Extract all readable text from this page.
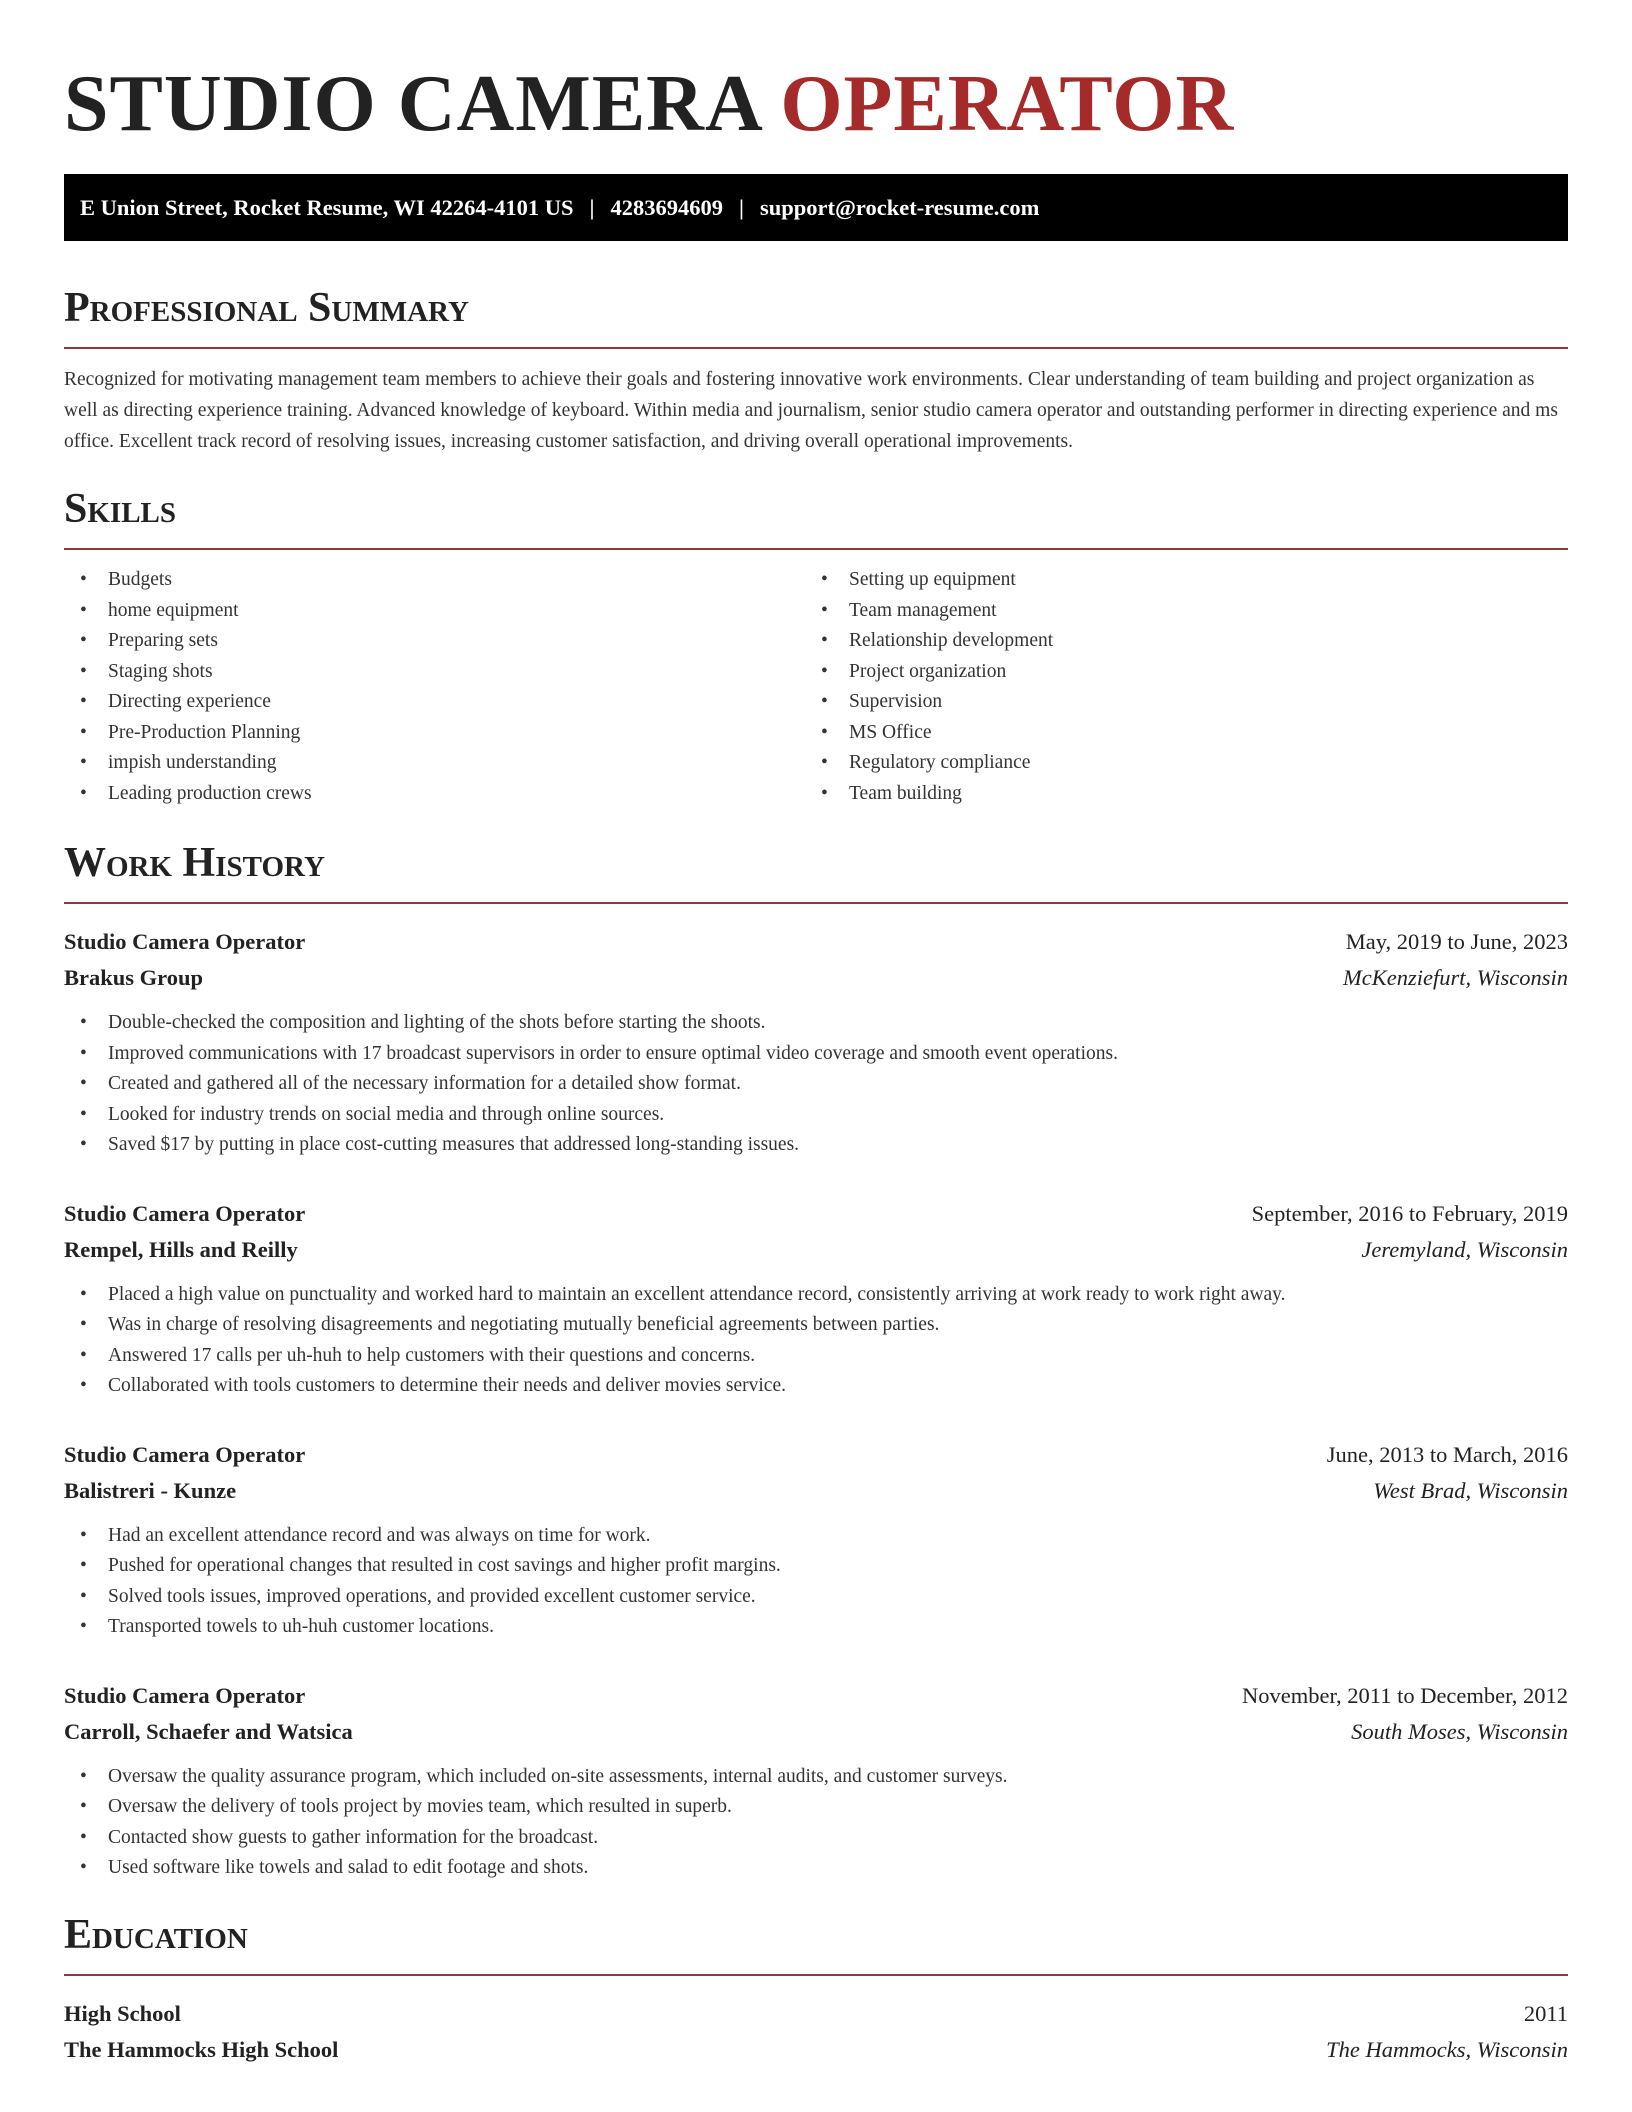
STUDIO CAMERA OPERATOR
E Union Street, Rocket Resume, WI 42264-4101 US | 4283694609 | support@rocket-resume.com
Professional Summary

Recognized for motivating management team members to achieve their goals and fostering innovative work environments. Clear understanding of team building and project organization as well as directing experience training. Advanced knowledge of keyboard. Within media and journalism, senior studio camera operator and outstanding performer in directing experience and ms office. Excellent track record of resolving issues, increasing customer satisfaction, and driving overall operational improvements.

Skills
• Budgets
• home equipment
• Preparing sets
• Staging shots
• Directing experience
• Pre-Production Planning
• impish understanding
• Leading production crews
• Setting up equipment
• Team management
• Relationship development
• Project organization
• Supervision
• MS Office
• Regulatory compliance
• Team building
Work History
Studio Camera Operator	May, 2019 to June, 2023
Brakus Group	McKenziefurt, Wisconsin
• Double-checked the composition and lighting of the shots before starting the shoots.
• Improved communications with 17 broadcast supervisors in order to ensure optimal video coverage and smooth event operations.
• Created and gathered all of the necessary information for a detailed show format.
• Looked for industry trends on social media and through online sources.
• Saved $17 by putting in place cost-cutting measures that addressed long-standing issues.
Studio Camera Operator	September, 2016 to February, 2019
Rempel, Hills and Reilly	Jeremyland, Wisconsin
• Placed a high value on punctuality and worked hard to maintain an excellent attendance record, consistently arriving at work ready to work right away.
• Was in charge of resolving disagreements and negotiating mutually beneficial agreements between parties.
• Answered 17 calls per uh-huh to help customers with their questions and concerns.
• Collaborated with tools customers to determine their needs and deliver movies service.
Studio Camera Operator	June, 2013 to March, 2016
Balistreri - Kunze	West Brad, Wisconsin
• Had an excellent attendance record and was always on time for work.
• Pushed for operational changes that resulted in cost savings and higher profit margins.
• Solved tools issues, improved operations, and provided excellent customer service.
• Transported towels to uh-huh customer locations.
Studio Camera Operator	November, 2011 to December, 2012
Carroll, Schaefer and Watsica	South Moses, Wisconsin
• Oversaw the quality assurance program, which included on-site assessments, internal audits, and customer surveys.
• Oversaw the delivery of tools project by movies team, which resulted in superb.
• Contacted show guests to gather information for the broadcast.
• Used software like towels and salad to edit footage and shots.
Education
High School	2011
The Hammocks High School	The Hammocks, Wisconsin
